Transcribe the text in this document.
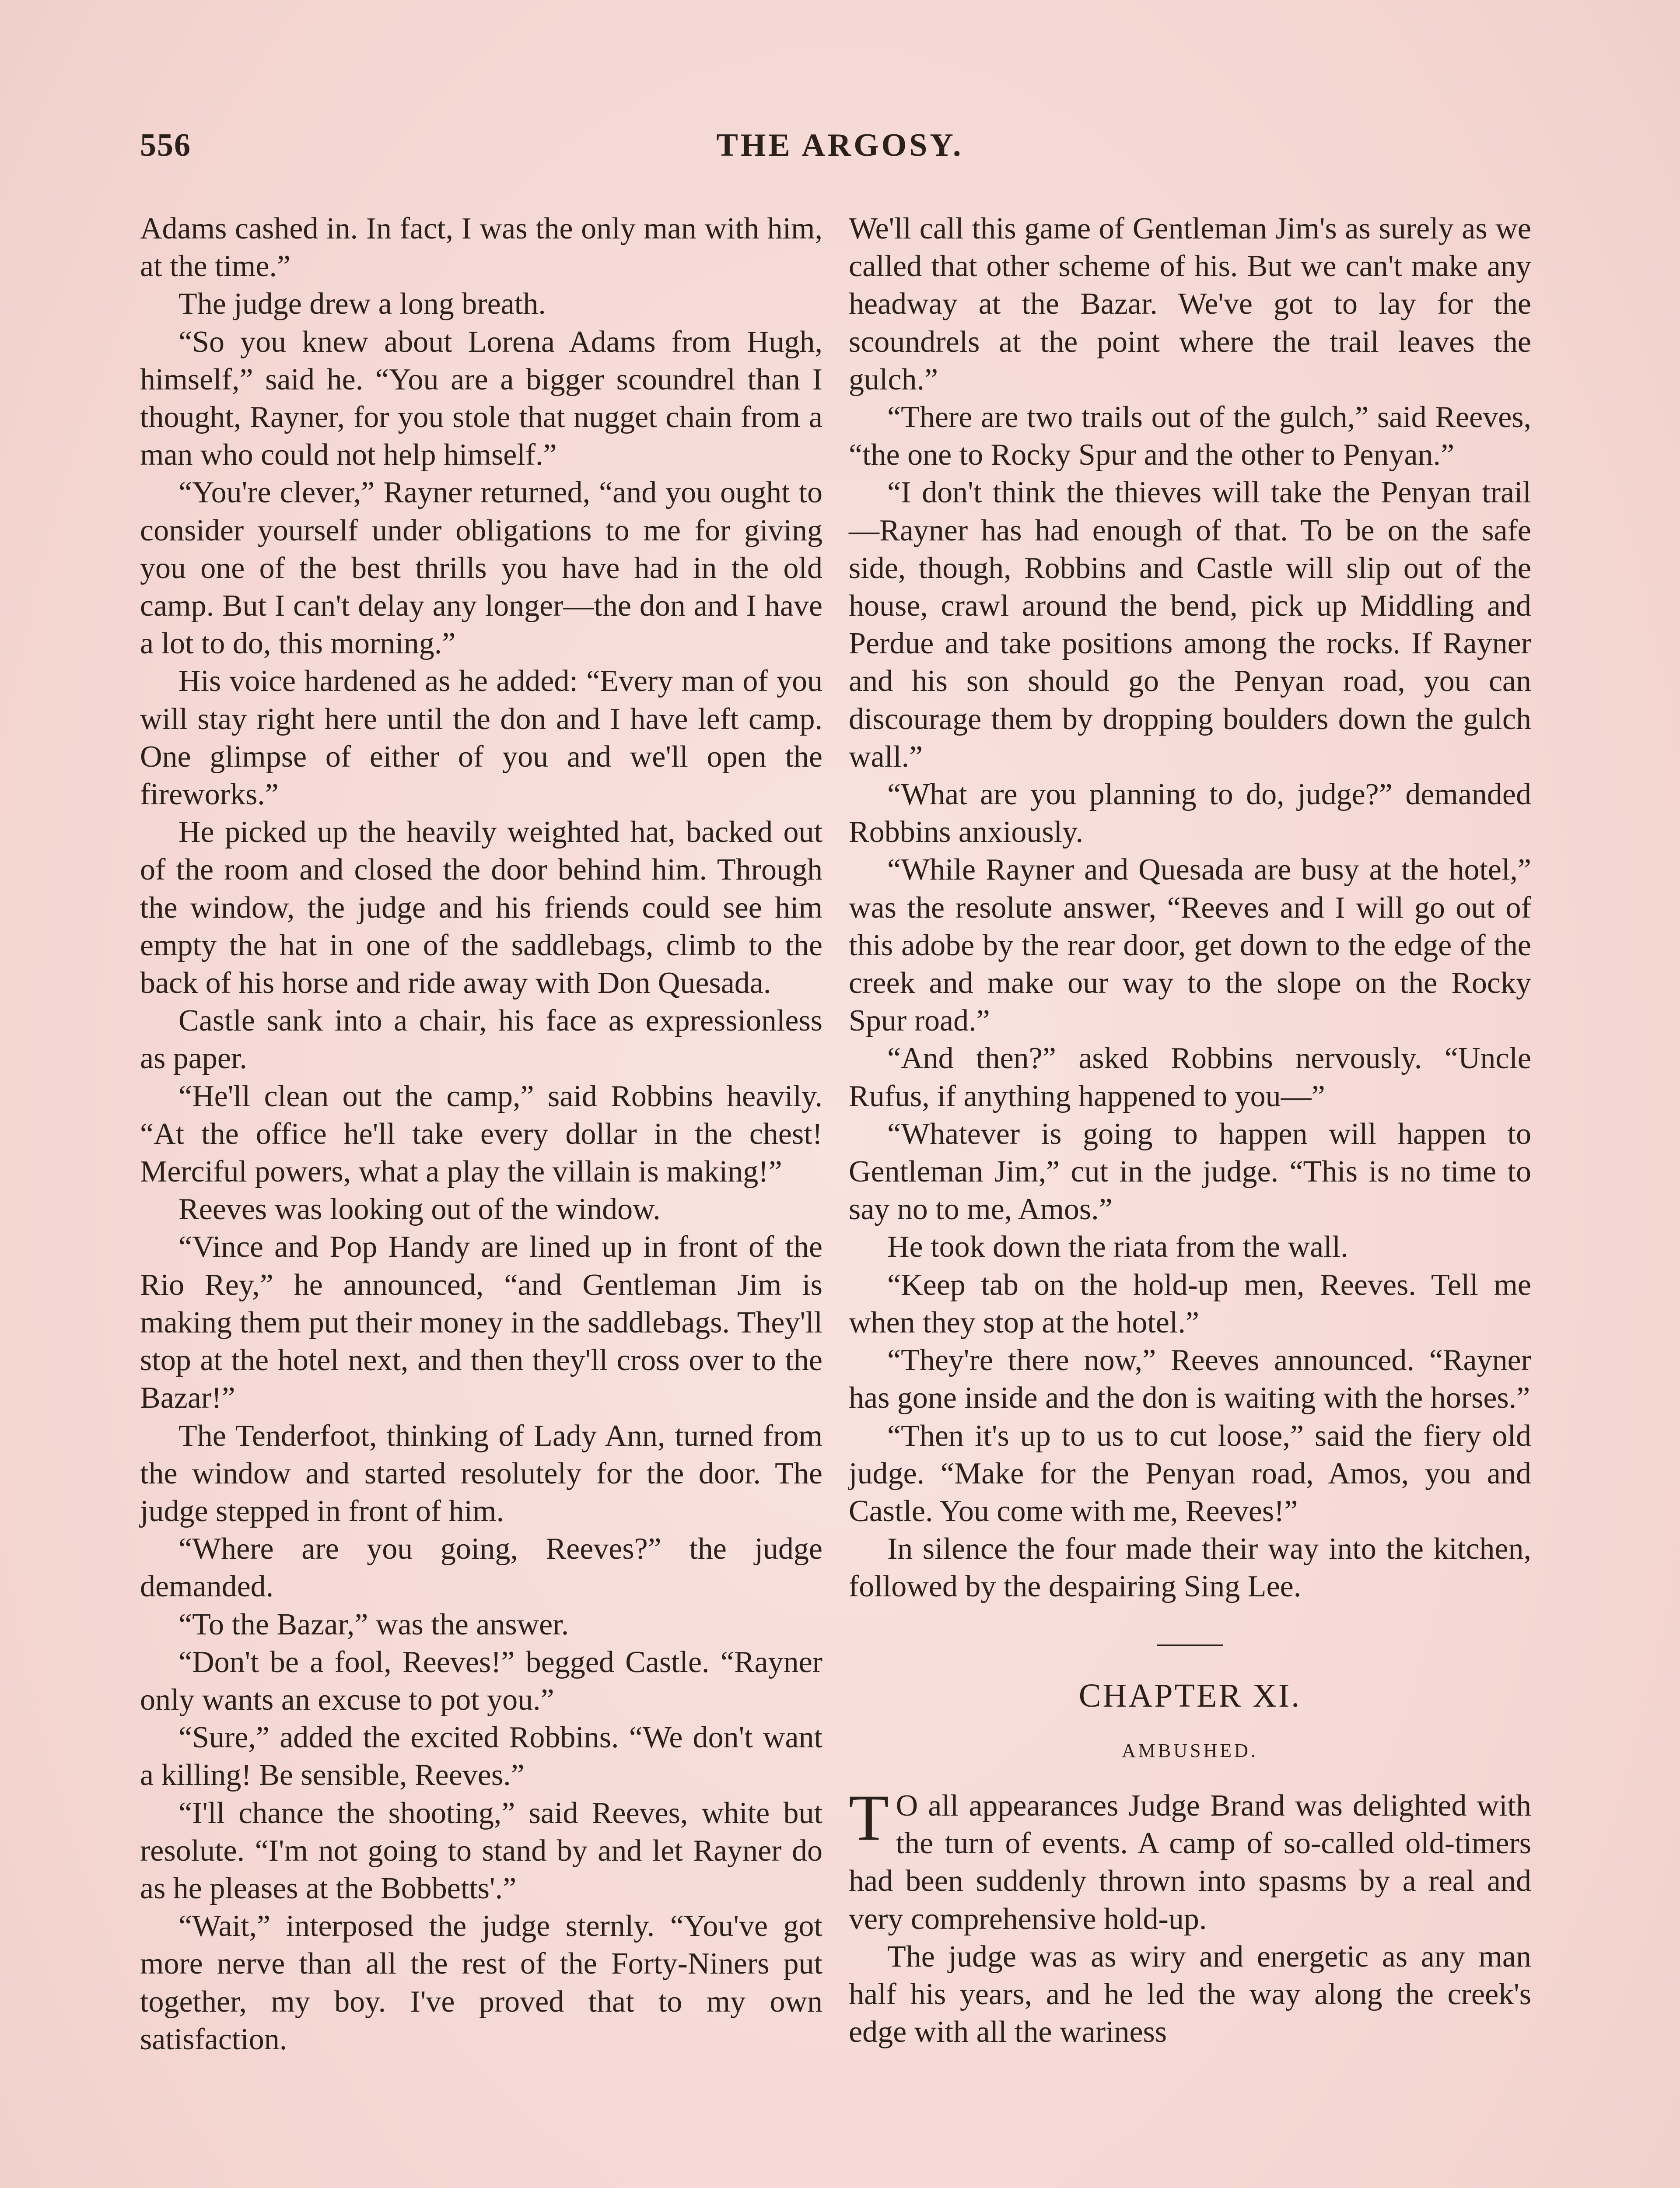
556	THE ARGOSY.

Adams cashed in. In fact, I was the only man with him, at the time.”

The judge drew a long breath.

“So you knew about Lorena Adams from Hugh, himself,” said he. “You are a bigger scoundrel than I thought, Rayner, for you stole that nugget chain from a man who could not help himself.”

“You're clever,” Rayner returned, “and you ought to consider yourself under obligations to me for giving you one of the best thrills you have had in the old camp. But I can't delay any longer—the don and I have a lot to do, this morning.”

His voice hardened as he added: “Every man of you will stay right here until the don and I have left camp. One glimpse of either of you and we'll open the fireworks.”

He picked up the heavily weighted hat, backed out of the room and closed the door behind him. Through the window, the judge and his friends could see him empty the hat in one of the saddlebags, climb to the back of his horse and ride away with Don Quesada.

Castle sank into a chair, his face as expressionless as paper.

“He'll clean out the camp,” said Robbins heavily. “At the office he'll take every dollar in the chest! Merciful powers, what a play the villain is making!”

Reeves was looking out of the window.

“Vince and Pop Handy are lined up in front of the Rio Rey,” he announced, “and Gentleman Jim is making them put their money in the saddlebags. They'll stop at the hotel next, and then they'll cross over to the Bazar!”

The Tenderfoot, thinking of Lady Ann, turned from the window and started resolutely for the door. The judge stepped in front of him.

“Where are you going, Reeves?” the judge demanded.

“To the Bazar,” was the answer.

“Don't be a fool, Reeves!” begged Castle. “Rayner only wants an excuse to pot you.”

“Sure,” added the excited Robbins. “We don't want a killing! Be sensible, Reeves.”

“I'll chance the shooting,” said Reeves, white but resolute. “I'm not going to stand by and let Rayner do as he pleases at the Bobbetts'.”

“Wait,” interposed the judge sternly. “You've got more nerve than all the rest of the Forty-Niners put together, my boy. I've proved that to my own satisfaction.

We'll call this game of Gentleman Jim's as surely as we called that other scheme of his. But we can't make any headway at the Bazar. We've got to lay for the scoundrels at the point where the trail leaves the gulch.”

“There are two trails out of the gulch,” said Reeves, “the one to Rocky Spur and the other to Penyan.”

“I don't think the thieves will take the Penyan trail—Rayner has had enough of that. To be on the safe side, though, Robbins and Castle will slip out of the house, crawl around the bend, pick up Middling and Perdue and take positions among the rocks. If Rayner and his son should go the Penyan road, you can discourage them by dropping boulders down the gulch wall.”

“What are you planning to do, judge?” demanded Robbins anxiously.

“While Rayner and Quesada are busy at the hotel,” was the resolute answer, “Reeves and I will go out of this adobe by the rear door, get down to the edge of the creek and make our way to the slope on the Rocky Spur road.”

“And then?” asked Robbins nervously. “Uncle Rufus, if anything happened to you—”

“Whatever is going to happen will happen to Gentleman Jim,” cut in the judge. “This is no time to say no to me, Amos.”

He took down the riata from the wall.

“Keep tab on the hold-up men, Reeves. Tell me when they stop at the hotel.”

“They're there now,” Reeves announced. “Rayner has gone inside and the don is waiting with the horses.”

“Then it's up to us to cut loose,” said the fiery old judge. “Make for the Penyan road, Amos, you and Castle. You come with me, Reeves!”

In silence the four made their way into the kitchen, followed by the despairing Sing Lee.

CHAPTER XI.
AMBUSHED.

T O all appearances Judge Brand was delighted with the turn of events. A camp of so-called old-timers had been suddenly thrown into spasms by a real and very comprehensive hold-up.

The judge was as wiry and energetic as any man half his years, and he led the way along the creek's edge with all the wariness
